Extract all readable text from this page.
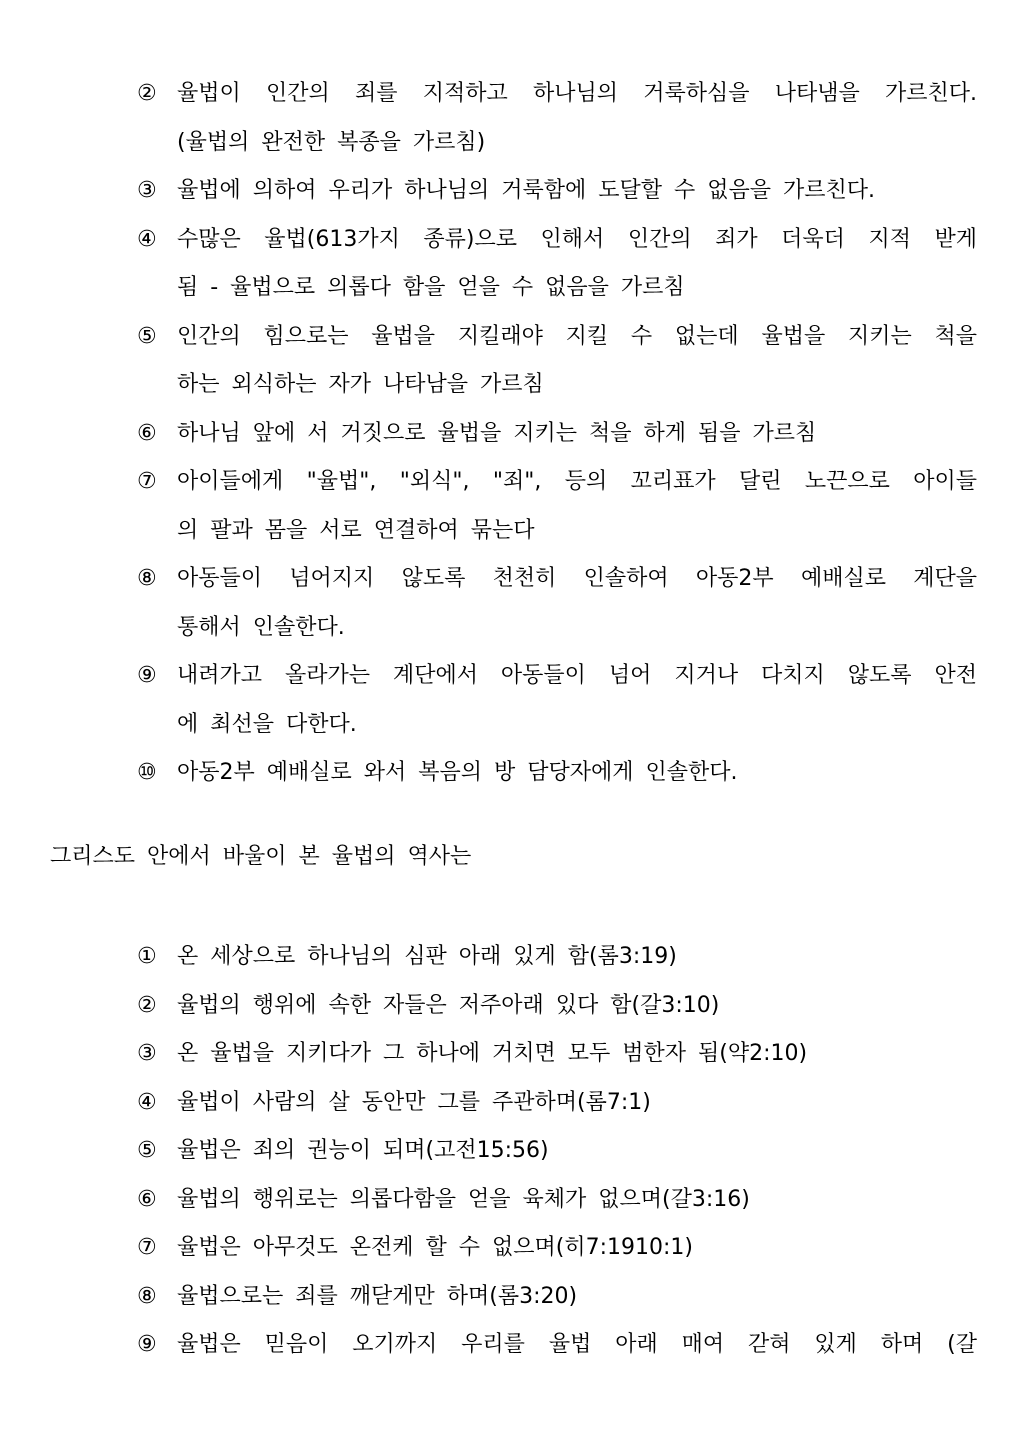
② 율법이 인간의 죄를 지적하고 하나님의 거룩하심을 나타냄을 가르친다.
(율법의 완전한 복종을 가르침)
③ 율법에 의하여 우리가 하나님의 거룩함에 도달할 수 없음을 가르친다.
④ 수많은 율법(613가지 종류)으로 인해서 인간의 죄가 더욱더 지적 받게
됨 - 율법으로 의롭다 함을 얻을 수 없음을 가르침
⑤ 인간의 힘으로는 율법을 지킬래야 지킬 수 없는데 율법을 지키는 척을
하는 외식하는 자가 나타남을 가르침
⑥ 하나님 앞에 서 거짓으로 율법을 지키는 척을 하게 됨을 가르침
⑦ 아이들에게 "율법", "외식", "죄", 등의 꼬리표가 달린 노끈으로 아이들
의 팔과 몸을 서로 연결하여 묶는다
⑧ 아동들이 넘어지지 않도록 천천히 인솔하여 아동2부 예배실로 계단을
통해서 인솔한다.
⑨ 내려가고 올라가는 계단에서 아동들이 넘어 지거나 다치지 않도록 안전
에 최선을 다한다.
⑩ 아동2부 예배실로 와서 복음의 방 담당자에게 인솔한다.
그리스도 안에서 바울이 본 율법의 역사는
① 온 세상으로 하나님의 심판 아래 있게 함(롬3:19)
② 율법의 행위에 속한 자들은 저주아래 있다 함(갈3:10)
③ 온 율법을 지키다가 그 하나에 거치면 모두 범한자 됨(약2:10)
④ 율법이 사람의 살 동안만 그를 주관하며(롬7:1)
⑤ 율법은 죄의 권능이 되며(고전15:56)
⑥ 율법의 행위로는 의롭다함을 얻을 육체가 없으며(갈3:16)
⑦ 율법은 아무것도 온전케 할 수 없으며(히7:1910:1)
⑧ 율법으로는 죄를 깨닫게만 하며(롬3:20)
⑨ 율법은 믿음이 오기까지 우리를 율법 아래 매여 갇혀 있게 하며 (갈
